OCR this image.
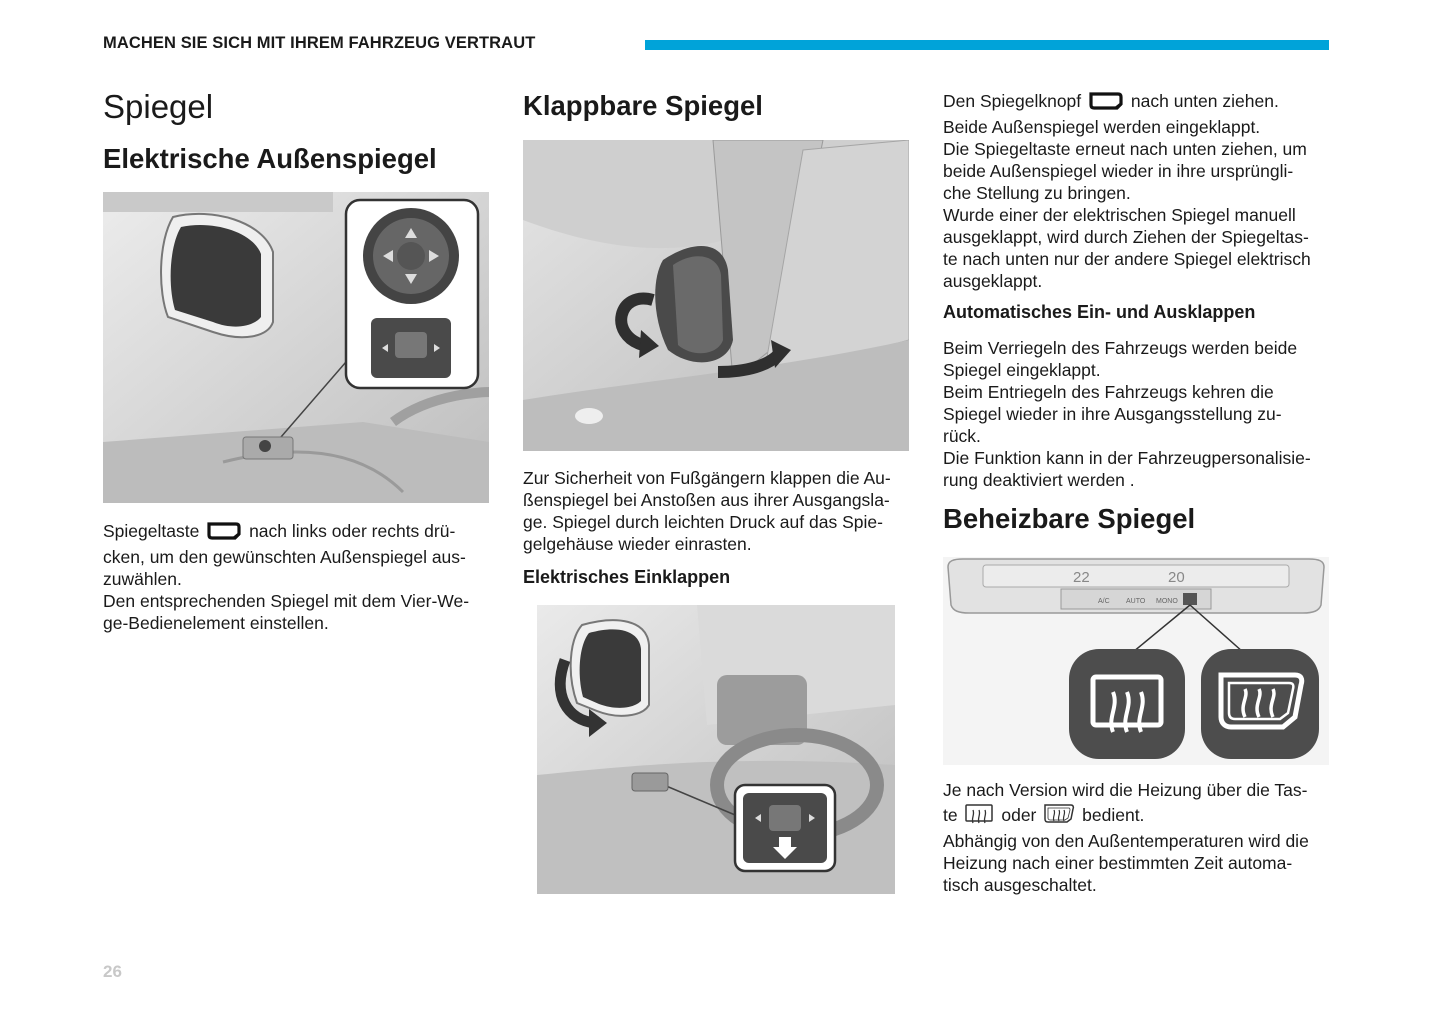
MACHEN SIE SICH MIT IHREM FAHRZEUG VERTRAUT
Spiegel
Elektrische Außenspiegel

Spiegeltaste	nach links oder rechts drü-

cken, um den gewünschten Außenspiegel aus-

zuwählen.

Den entsprechenden Spiegel mit dem Vier-We-

ge-Bedienelement einstellen.

Klappbare Spiegel

Zur Sicherheit von Fußgängern klappen die Au-

ßenspiegel bei Anstoßen aus ihrer Ausgangsla-

ge. Spiegel durch leichten Druck auf das Spie-

gelgehäuse wieder einrasten.

Elektrisches Einklappen

Den Spiegelknopf	nach unten ziehen.

Beide Außenspiegel werden eingeklappt.

Die Spiegeltaste erneut nach unten ziehen, um

beide Außenspiegel wieder in ihre ursprüngli-

che Stellung zu bringen.

Wurde einer der elektrischen Spiegel manuell

ausgeklappt, wird durch Ziehen der Spiegeltas-

te nach unten nur der andere Spiegel elektrisch

ausgeklappt.

Automatisches Ein- und Ausklappen

Beim Verriegeln des Fahrzeugs werden beide

Spiegel eingeklappt.

Beim Entriegeln des Fahrzeugs kehren die

Spiegel wieder in ihre Ausgangsstellung zu-

rück.

Die Funktion kann in der Fahrzeugpersonalisie-

rung deaktiviert werden .

Beheizbare Spiegel
22	20
A/C AUTO MONO

Je nach Version wird die Heizung über die Tas-

te	oder	bedient.

Abhängig von den Außentemperaturen wird die

Heizung nach einer bestimmten Zeit automa-

tisch ausgeschaltet.

26
